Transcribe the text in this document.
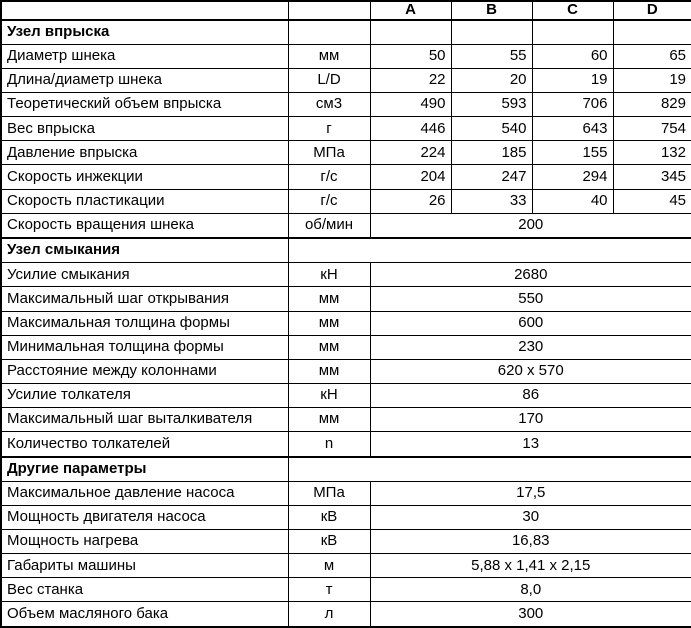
		A	B	C	D
Узел впрыска					
Диаметр шнека	мм	50	55	60	65
Длина/диаметр шнека	L/D	22	20	19	19
Теоретический объем впрыска	см3	490	593	706	829
Вес впрыска	г	446	540	643	754
Давление впрыска	МПа	224	185	155	132
Скорость инжекции	г/с	204	247	294	345
Скорость пластикации	г/с	26	33	40	45
Скорость вращения шнека	об/мин	200			
Узел смыкания					
Усилие смыкания	кН	2680			
Максимальный шаг открывания	мм	550			
Максимальная толщина формы	мм	600			
Минимальная толщина формы	мм	230			
Расстояние между колоннами	мм	620 x 570			
Усилие толкателя	кН	86			
Максимальный шаг выталкивателя	мм	170			
Количество толкателей	n	13			
Другие параметры					
Максимальное давление насоса	МПа	17,5			
Мощность двигателя насоса	кВ	30			
Мощность нагрева	кВ	16,83			
Габариты машины	м	5,88 x 1,41 x 2,15			
Вес станка	т	8,0			
Объем масляного бака	л	300			
